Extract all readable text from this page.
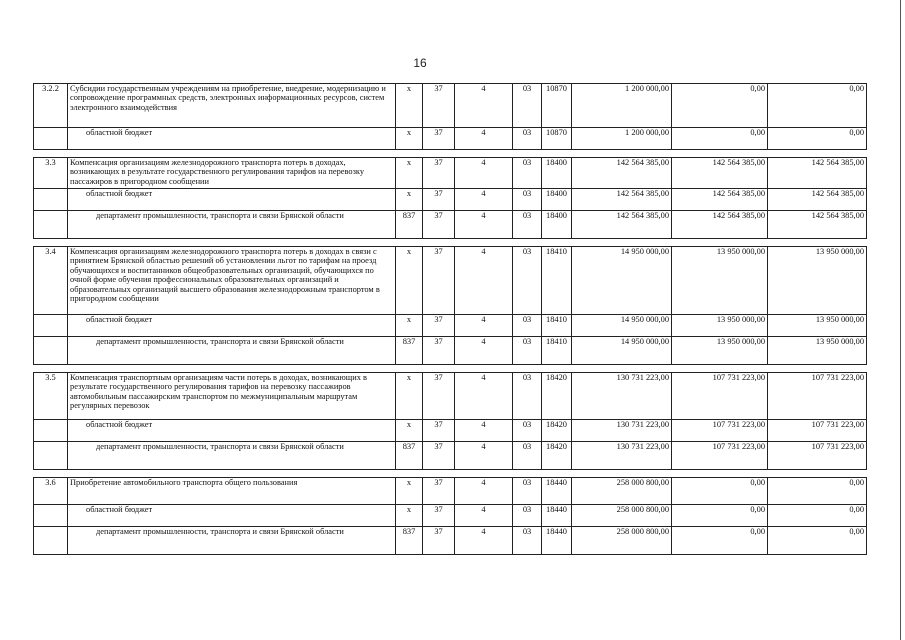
16
3.2.2	Субсидии государственным учреждениям на приобретение, внедрение, модернизацию и сопровождение программных средств, электронных информационных ресурсов, систем электронного взаимодействия	х	37	4	03	10870	1 200 000,00	0,00	0,00
	областной бюджет	х	37	4	03	10870	1 200 000,00	0,00	0,00

3.3	Компенсация организациям железнодорожного транспорта потерь в доходах, возникающих в результате государственного регулирования тарифов на перевозку пассажиров в пригородном сообщении	х	37	4	03	18400	142 564 385,00	142 564 385,00	142 564 385,00
	областной бюджет	х	37	4	03	18400	142 564 385,00	142 564 385,00	142 564 385,00
	департамент промышленности, транспорта и связи Брянской области	837	37	4	03	18400	142 564 385,00	142 564 385,00	142 564 385,00

3.4	Компенсация организациям железнодорожного транспорта потерь в доходах в связи с принятием Брянской областью решений об установлении льгот по тарифам на проезд обучающихся и воспитанников общеобразовательных организаций, обучающихся по очной форме обучения профессиональных образовательных организаций и образовательных организаций высшего образования железнодорожным транспортом в пригородном сообщении	х	37	4	03	18410	14 950 000,00	13 950 000,00	13 950 000,00
	областной бюджет	х	37	4	03	18410	14 950 000,00	13 950 000,00	13 950 000,00
	департамент промышленности, транспорта и связи Брянской области	837	37	4	03	18410	14 950 000,00	13 950 000,00	13 950 000,00

3.5	Компенсация транспортным организациям части потерь в доходах, возникающих в результате государственного регулирования тарифов на перевозку пассажиров автомобильным пассажирским транспортом по межмуниципальным маршрутам регулярных перевозок	х	37	4	03	18420	130 731 223,00	107 731 223,00	107 731 223,00
	областной бюджет	х	37	4	03	18420	130 731 223,00	107 731 223,00	107 731 223,00
	департамент промышленности, транспорта и связи Брянской области	837	37	4	03	18420	130 731 223,00	107 731 223,00	107 731 223,00

3.6	Приобретение автомобильного транспорта общего пользования	х	37	4	03	18440	258 000 800,00	0,00	0,00
	областной бюджет	х	37	4	03	18440	258 000 800,00	0,00	0,00
	департамент промышленности, транспорта и связи Брянской области	837	37	4	03	18440	258 000 800,00	0,00	0,00
